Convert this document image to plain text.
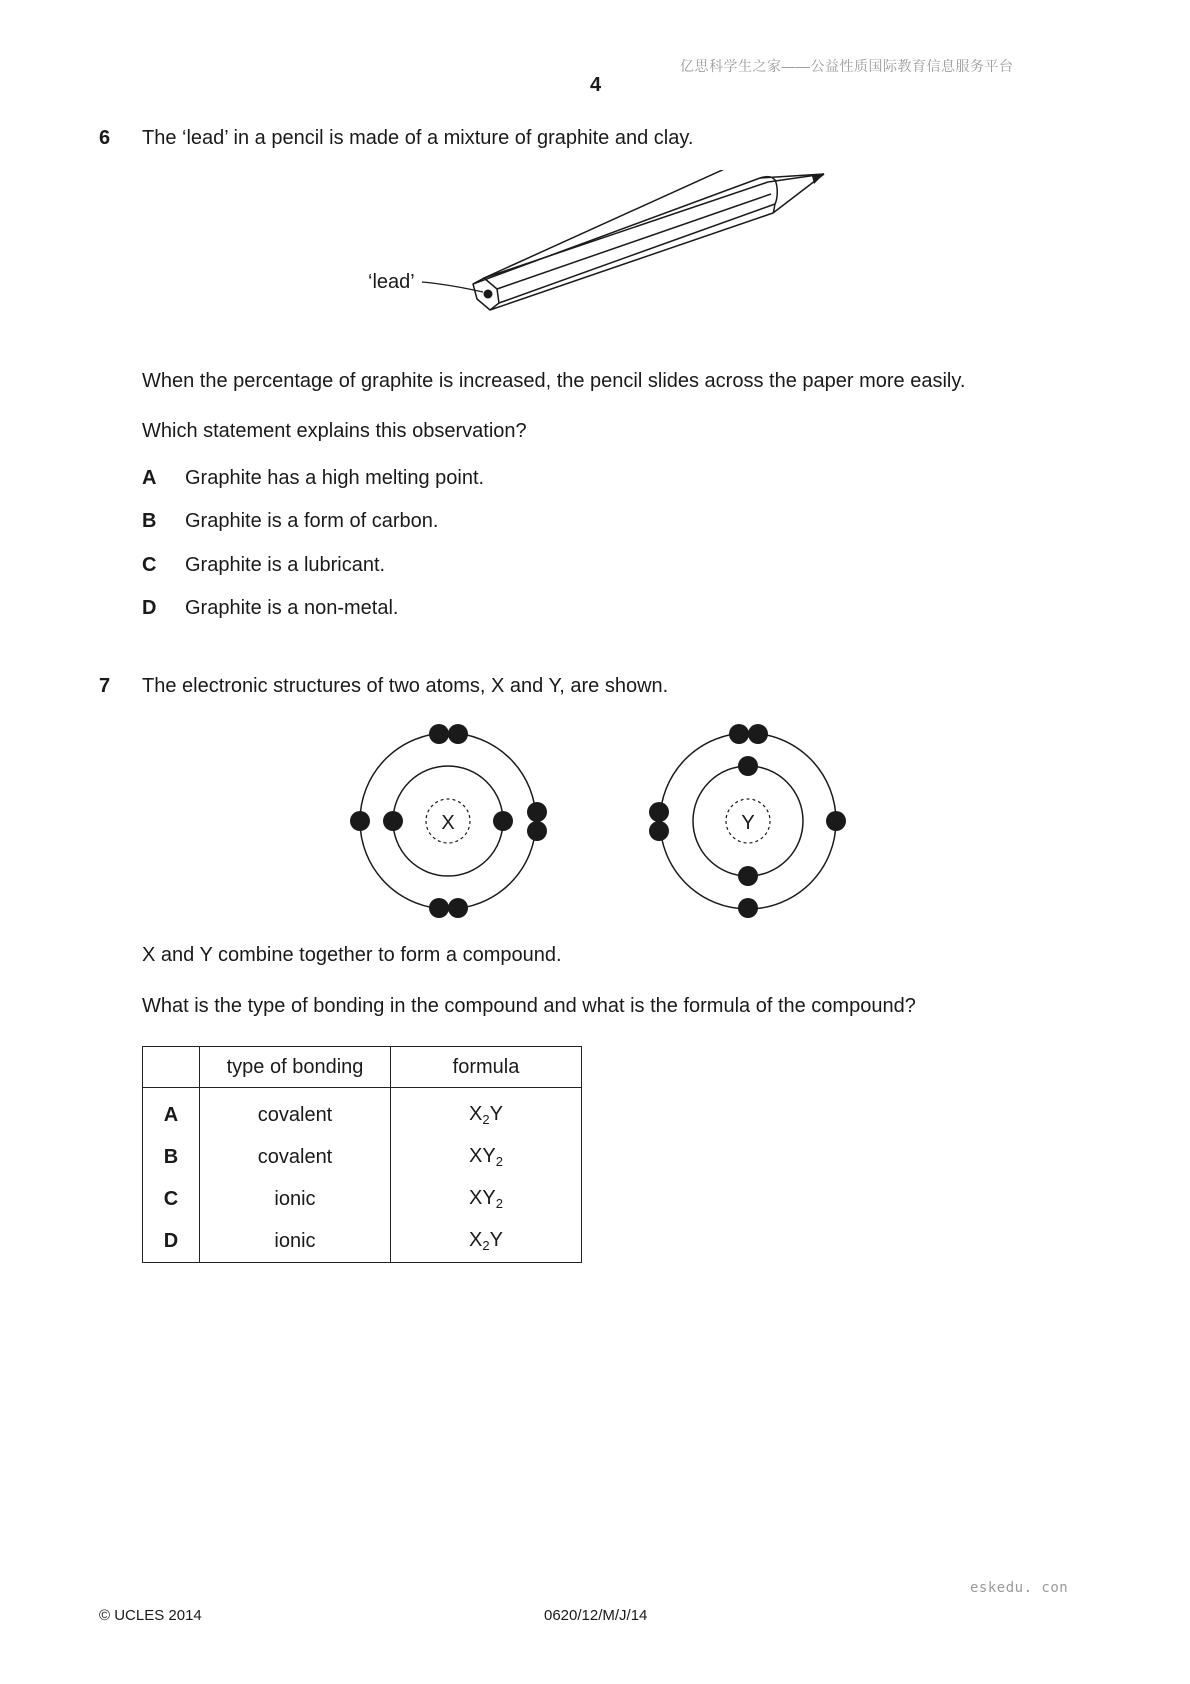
亿思科学生之家——公益性质国际教育信息服务平台
4
6 The ‘lead’ in a pencil is made of a mixture of graphite and clay.
‘lead’
When the percentage of graphite is increased, the pencil slides across the paper more easily.
Which statement explains this observation?
A Graphite has a high melting point.
B Graphite is a form of carbon.
C Graphite is a lubricant.
D Graphite is a non-metal.
7 The electronic structures of two atoms, X and Y, are shown.
X	Y
X and Y combine together to form a compound.
What is the type of bonding in the compound and what is the formula of the compound?
	type of bonding	formula
A	covalent	$X_2Y$
B	covalent	$XY_2$
C	ionic	$XY_2$
D	ionic	$X_2Y$
eskedu. con
© UCLES 2014	0620/12/M/J/14
